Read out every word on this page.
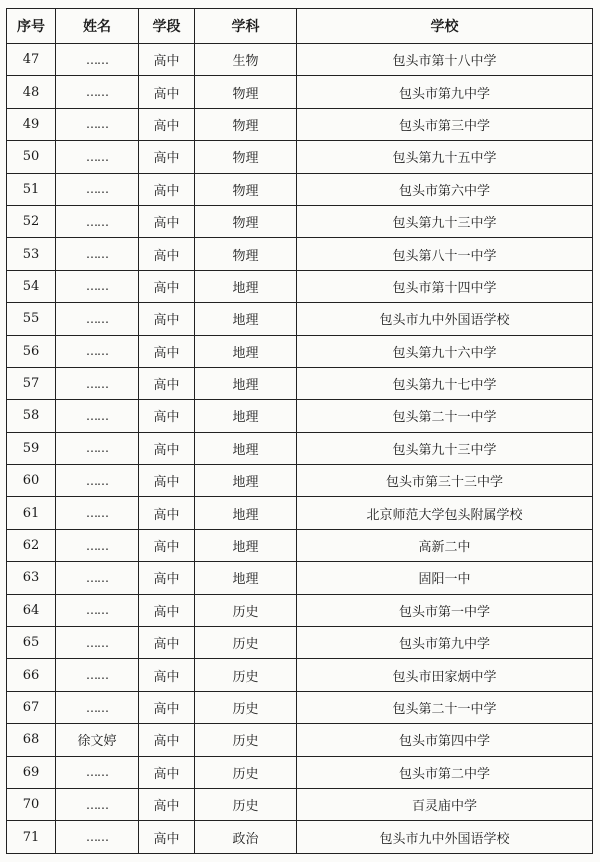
序号	姓名	学段	学科	学校
47	……	高中	生物	包头市第十八中学
48	……	高中	物理	包头市第九中学
49	……	高中	物理	包头市第三中学
50	……	高中	物理	包头第九十五中学
51	……	高中	物理	包头市第六中学
52	……	高中	物理	包头第九十三中学
53	……	高中	物理	包头第八十一中学
54	……	高中	地理	包头市第十四中学
55	……	高中	地理	包头市九中外国语学校
56	……	高中	地理	包头第九十六中学
57	……	高中	地理	包头第九十七中学
58	……	高中	地理	包头第二十一中学
59	……	高中	地理	包头第九十三中学
60	……	高中	地理	包头市第三十三中学
61	……	高中	地理	北京师范大学包头附属学校
62	……	高中	地理	高新二中
63	……	高中	地理	固阳一中
64	……	高中	历史	包头市第一中学
65	……	高中	历史	包头市第九中学
66	……	高中	历史	包头市田家炳中学
67	……	高中	历史	包头第二十一中学
68	徐文婷	高中	历史	包头市第四中学
69	……	高中	历史	包头市第二中学
70	……	高中	历史	百灵庙中学
71	……	高中	政治	包头市九中外国语学校
